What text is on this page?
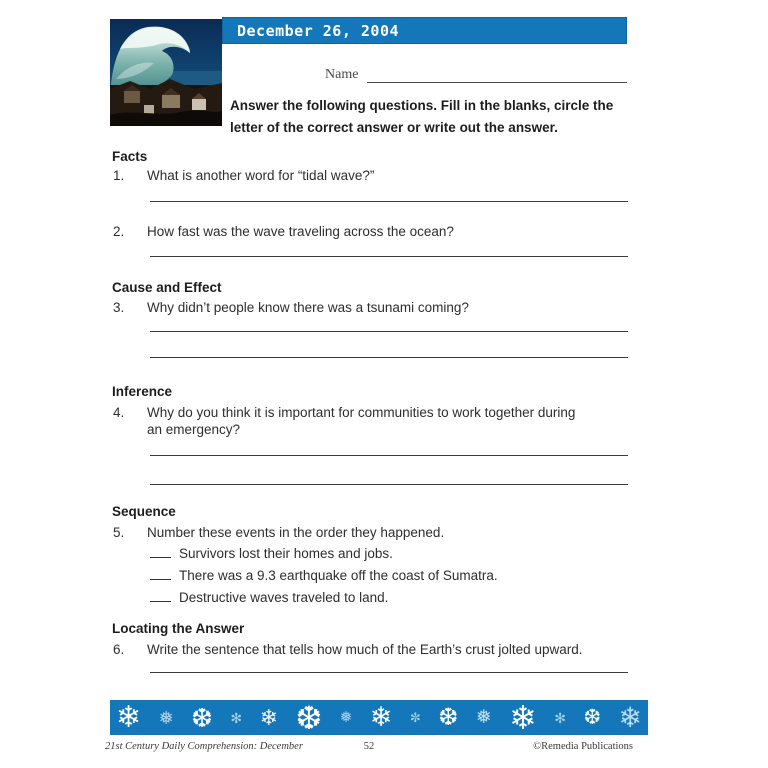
December 26, 2004
Name
Answer the following questions. Fill in the blanks, circle the
letter of the correct answer or write out the answer.
Facts
1.	What is another word for “tidal wave?”
2.	How fast was the wave traveling across the ocean?
Cause and Effect
3.	Why didn’t people know there was a tsunami coming?
Inference
4.	Why do you think it is important for communities to work together during
an emergency?
Sequence
5.	Number these events in the order they happened.
Survivors lost their homes and jobs.
There was a 9.3 earthquake off the coast of Sumatra.
Destructive waves traveled to land.
Locating the Answer
6.	Write the sentence that tells how much of the Earth’s crust jolted upward.
❄ ❅ ❆ ✻ ❄ ❆ ❅ ❄ ✼ ❆ ❅ ❄ ✻ ❆ ❄
21st Century Daily Comprehension: December	52	©Remedia Publications
